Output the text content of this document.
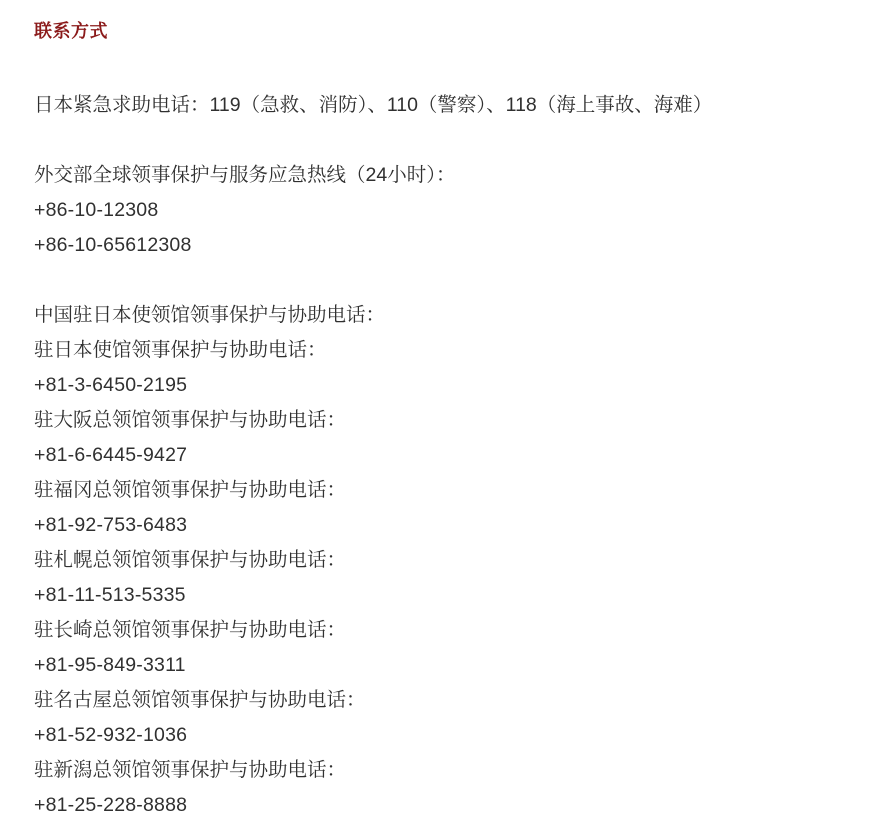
联系方式
日本紧急求助电话：119（急救、消防）、110（警察）、118（海上事故、海难）
外交部全球领事保护与服务应急热线（24小时）：
+86-10-12308
+86-10-65612308
中国驻日本使领馆领事保护与协助电话：
驻日本使馆领事保护与协助电话：
+81-3-6450-2195
驻大阪总领馆领事保护与协助电话：
+81-6-6445-9427
驻福冈总领馆领事保护与协助电话：
+81-92-753-6483
驻札幌总领馆领事保护与协助电话：
+81-11-513-5335
驻长崎总领馆领事保护与协助电话：
+81-95-849-3311
驻名古屋总领馆领事保护与协助电话：
+81-52-932-1036
驻新潟总领馆领事保护与协助电话：
+81-25-228-8888
